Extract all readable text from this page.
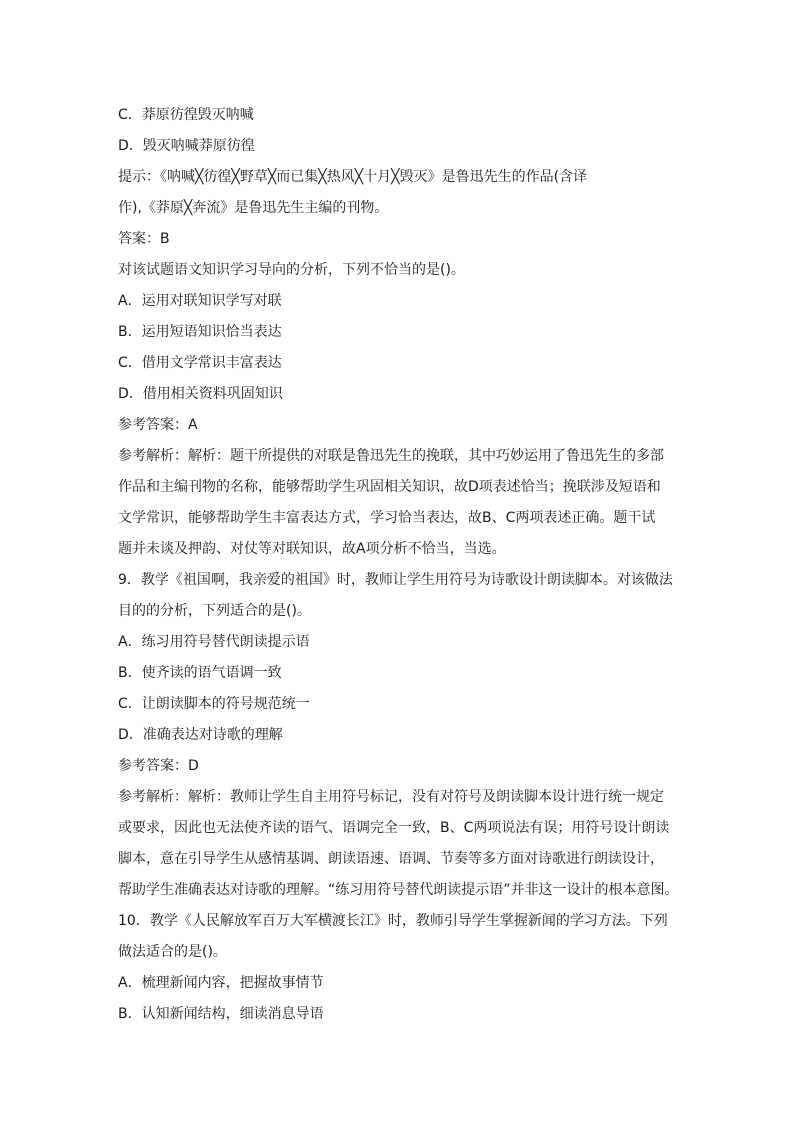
C．莽原彷徨毁灭呐喊

D．毁灭呐喊莽原彷徨

提示：《呐喊╳彷徨╳野草╳而已集╳热风╳十月╳毁灭》是鲁迅先生的作品(含译

作),《莽原╳奔流》是鲁迅先生主编的刊物。

答案：B

对该试题语文知识学习导向的分析，下列不恰当的是()。

A．运用对联知识学写对联

B．运用短语知识恰当表达

C．借用文学常识丰富表达

D．借用相关资料巩固知识

参考答案：A

参考解析：解析：题干所提供的对联是鲁迅先生的挽联，其中巧妙运用了鲁迅先生的多部

作品和主编刊物的名称，能够帮助学生巩固相关知识，故D项表述恰当；挽联涉及短语和

文学常识，能够帮助学生丰富表达方式，学习恰当表达，故B、C两项表述正确。题干试

题并未谈及押韵、对仗等对联知识，故A项分析不恰当，当选。

9．教学《祖国啊，我亲爱的祖国》时，教师让学生用符号为诗歌设计朗读脚本。对该做法

目的的分析，下列适合的是()。

A．练习用符号替代朗读提示语

B．使齐读的语气语调一致

C．让朗读脚本的符号规范统一

D．准确表达对诗歌的理解

参考答案：D

参考解析：解析：教师让学生自主用符号标记，没有对符号及朗读脚本设计进行统一规定

或要求，因此也无法使齐读的语气、语调完全一致，B、C两项说法有误；用符号设计朗读

脚本，意在引导学生从感情基调、朗读语速、语调、节奏等多方面对诗歌进行朗读设计，

帮助学生准确表达对诗歌的理解。“练习用符号替代朗读提示语”并非这一设计的根本意图。

10．教学《人民解放军百万大军横渡长江》时，教师引导学生掌握新闻的学习方法。下列

做法适合的是()。

A．梳理新闻内容，把握故事情节

B．认知新闻结构，细读消息导语
